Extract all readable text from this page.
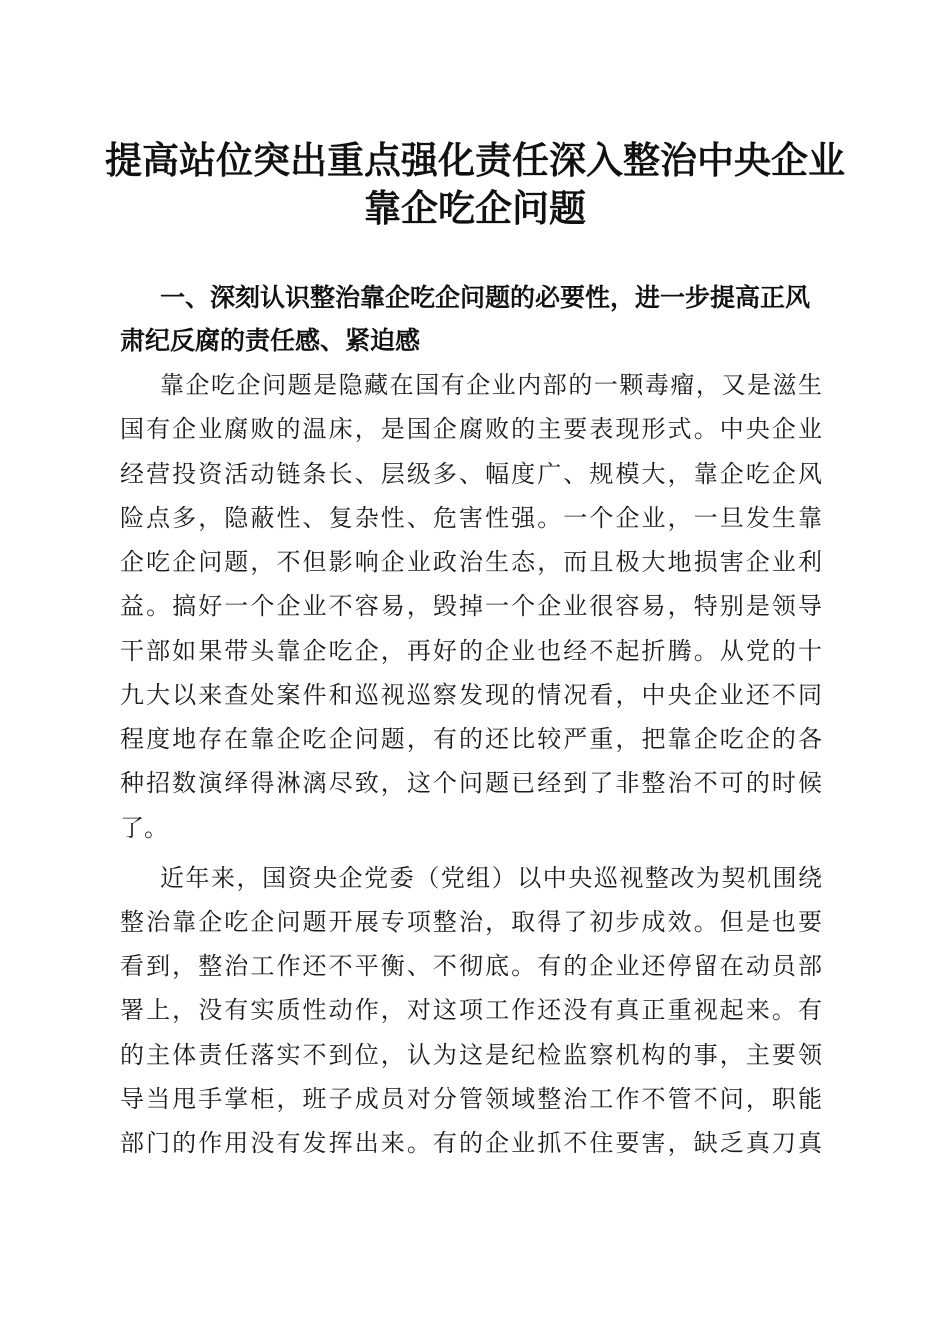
提高站位突出重点强化责任深入整治中央企业
靠企吃企问题
一、深刻认识整治靠企吃企问题的必要性，进一步提高正风
肃纪反腐的责任感、紧迫感

靠企吃企问题是隐藏在国有企业内部的一颗毒瘤，又是滋生

国有企业腐败的温床，是国企腐败的主要表现形式。中央企业

经营投资活动链条长、层级多、幅度广、规模大，靠企吃企风

险点多，隐蔽性、复杂性、危害性强。一个企业，一旦发生靠

企吃企问题，不但影响企业政治生态，而且极大地损害企业利

益。搞好一个企业不容易，毁掉一个企业很容易，特别是领导

干部如果带头靠企吃企，再好的企业也经不起折腾。从党的十

九大以来查处案件和巡视巡察发现的情况看，中央企业还不同

程度地存在靠企吃企问题，有的还比较严重，把靠企吃企的各

种招数演绎得淋漓尽致，这个问题已经到了非整治不可的时候

了。

近年来，国资央企党委（党组）以中央巡视整改为契机围绕

整治靠企吃企问题开展专项整治，取得了初步成效。但是也要

看到，整治工作还不平衡、不彻底。有的企业还停留在动员部

署上，没有实质性动作，对这项工作还没有真正重视起来。有

的主体责任落实不到位，认为这是纪检监察机构的事，主要领

导当甩手掌柜，班子成员对分管领域整治工作不管不问，职能

部门的作用没有发挥出来。有的企业抓不住要害，缺乏真刀真
